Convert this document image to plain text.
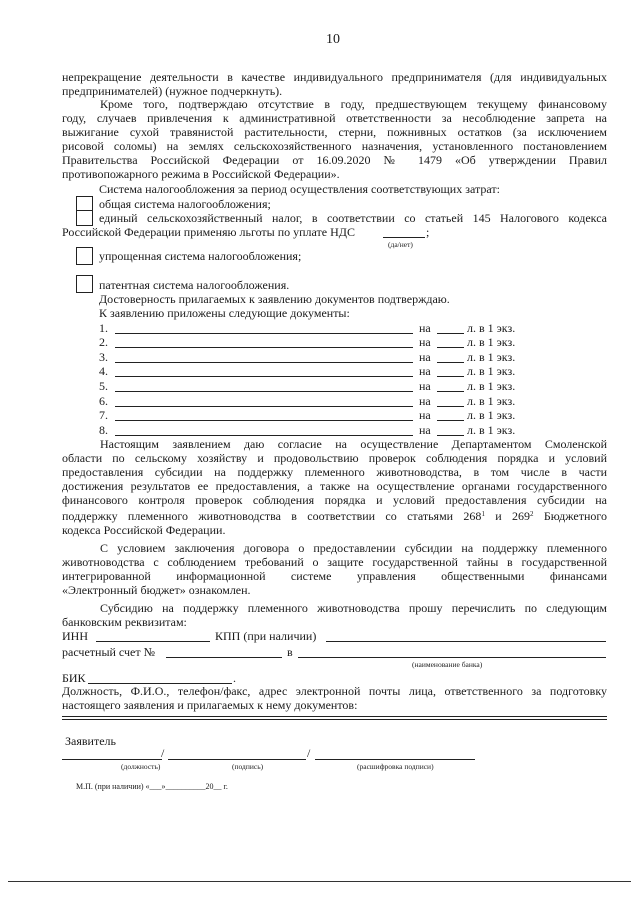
10
непрекращение деятельности в качестве индивидуального предпринимателя (для индивидуальных
предпринимателей) (нужное подчеркнуть).
Кроме того, подтверждаю отсутствие в году, предшествующем текущему финансовому
году, случаев привлечения к административной ответственности за несоблюдение запрета на
выжигание сухой травянистой растительности, стерни, пожнивных остатков (за исключением
рисовой соломы) на землях сельскохозяйственного назначения, установленного постановлением
Правительства Российской Федерации от 16.09.2020 № 1479 «Об утверждении Правил
противопожарного режима в Российской Федерации».
Система налогообложения за период осуществления соответствующих затрат:
общая система налогообложения;
единый сельскохозяйственный налог, в соответствии со статьей 145 Налогового кодекса
Российской Федерации применяю льготы по уплате НДС	;
(да/нет)
упрощенная система налогообложения;
патентная система налогообложения.
Достоверность прилагаемых к заявлению документов подтверждаю.
К заявлению приложены следующие документы:
1.	на	л. в 1 экз.
2.	на	л. в 1 экз.
3.	на	л. в 1 экз.
4.	на	л. в 1 экз.
5.	на	л. в 1 экз.
6.	на	л. в 1 экз.
7.	на	л. в 1 экз.
8.	на	л. в 1 экз.
Настоящим заявлением даю согласие на осуществление Департаментом Смоленской
области по сельскому хозяйству и продовольствию проверок соблюдения порядка и условий
предоставления субсидии на поддержку племенного животноводства, в том числе в части
достижения результатов ее предоставления, а также на осуществление органами государственного
финансового контроля проверок соблюдения порядка и условий предоставления субсидии на
поддержку племенного животноводства в соответствии со статьями $268^1$ и $269^2$ Бюджетного
кодекса Российской Федерации.
С условием заключения договора о предоставлении субсидии на поддержку племенного
животноводства с соблюдением требований о защите государственной тайны в государственной
интегрированной информационной системе управления общественными финансами
«Электронный бюджет» ознакомлен.
Субсидию на поддержку племенного животноводства прошу перечислить по следующим
банковским реквизитам:
ИНН	КПП (при наличии)
расчетный счет №	в
(наименование банка)
БИК	.
Должность, Ф.И.О., телефон/факс, адрес электронной почты лица, ответственного за подготовку
настоящего заявления и прилагаемых к нему документов:
Заявитель
/	/
(должность)	(подпись)	(расшифровка подписи)
М.П. (при наличии) «___»__________20__ г.
